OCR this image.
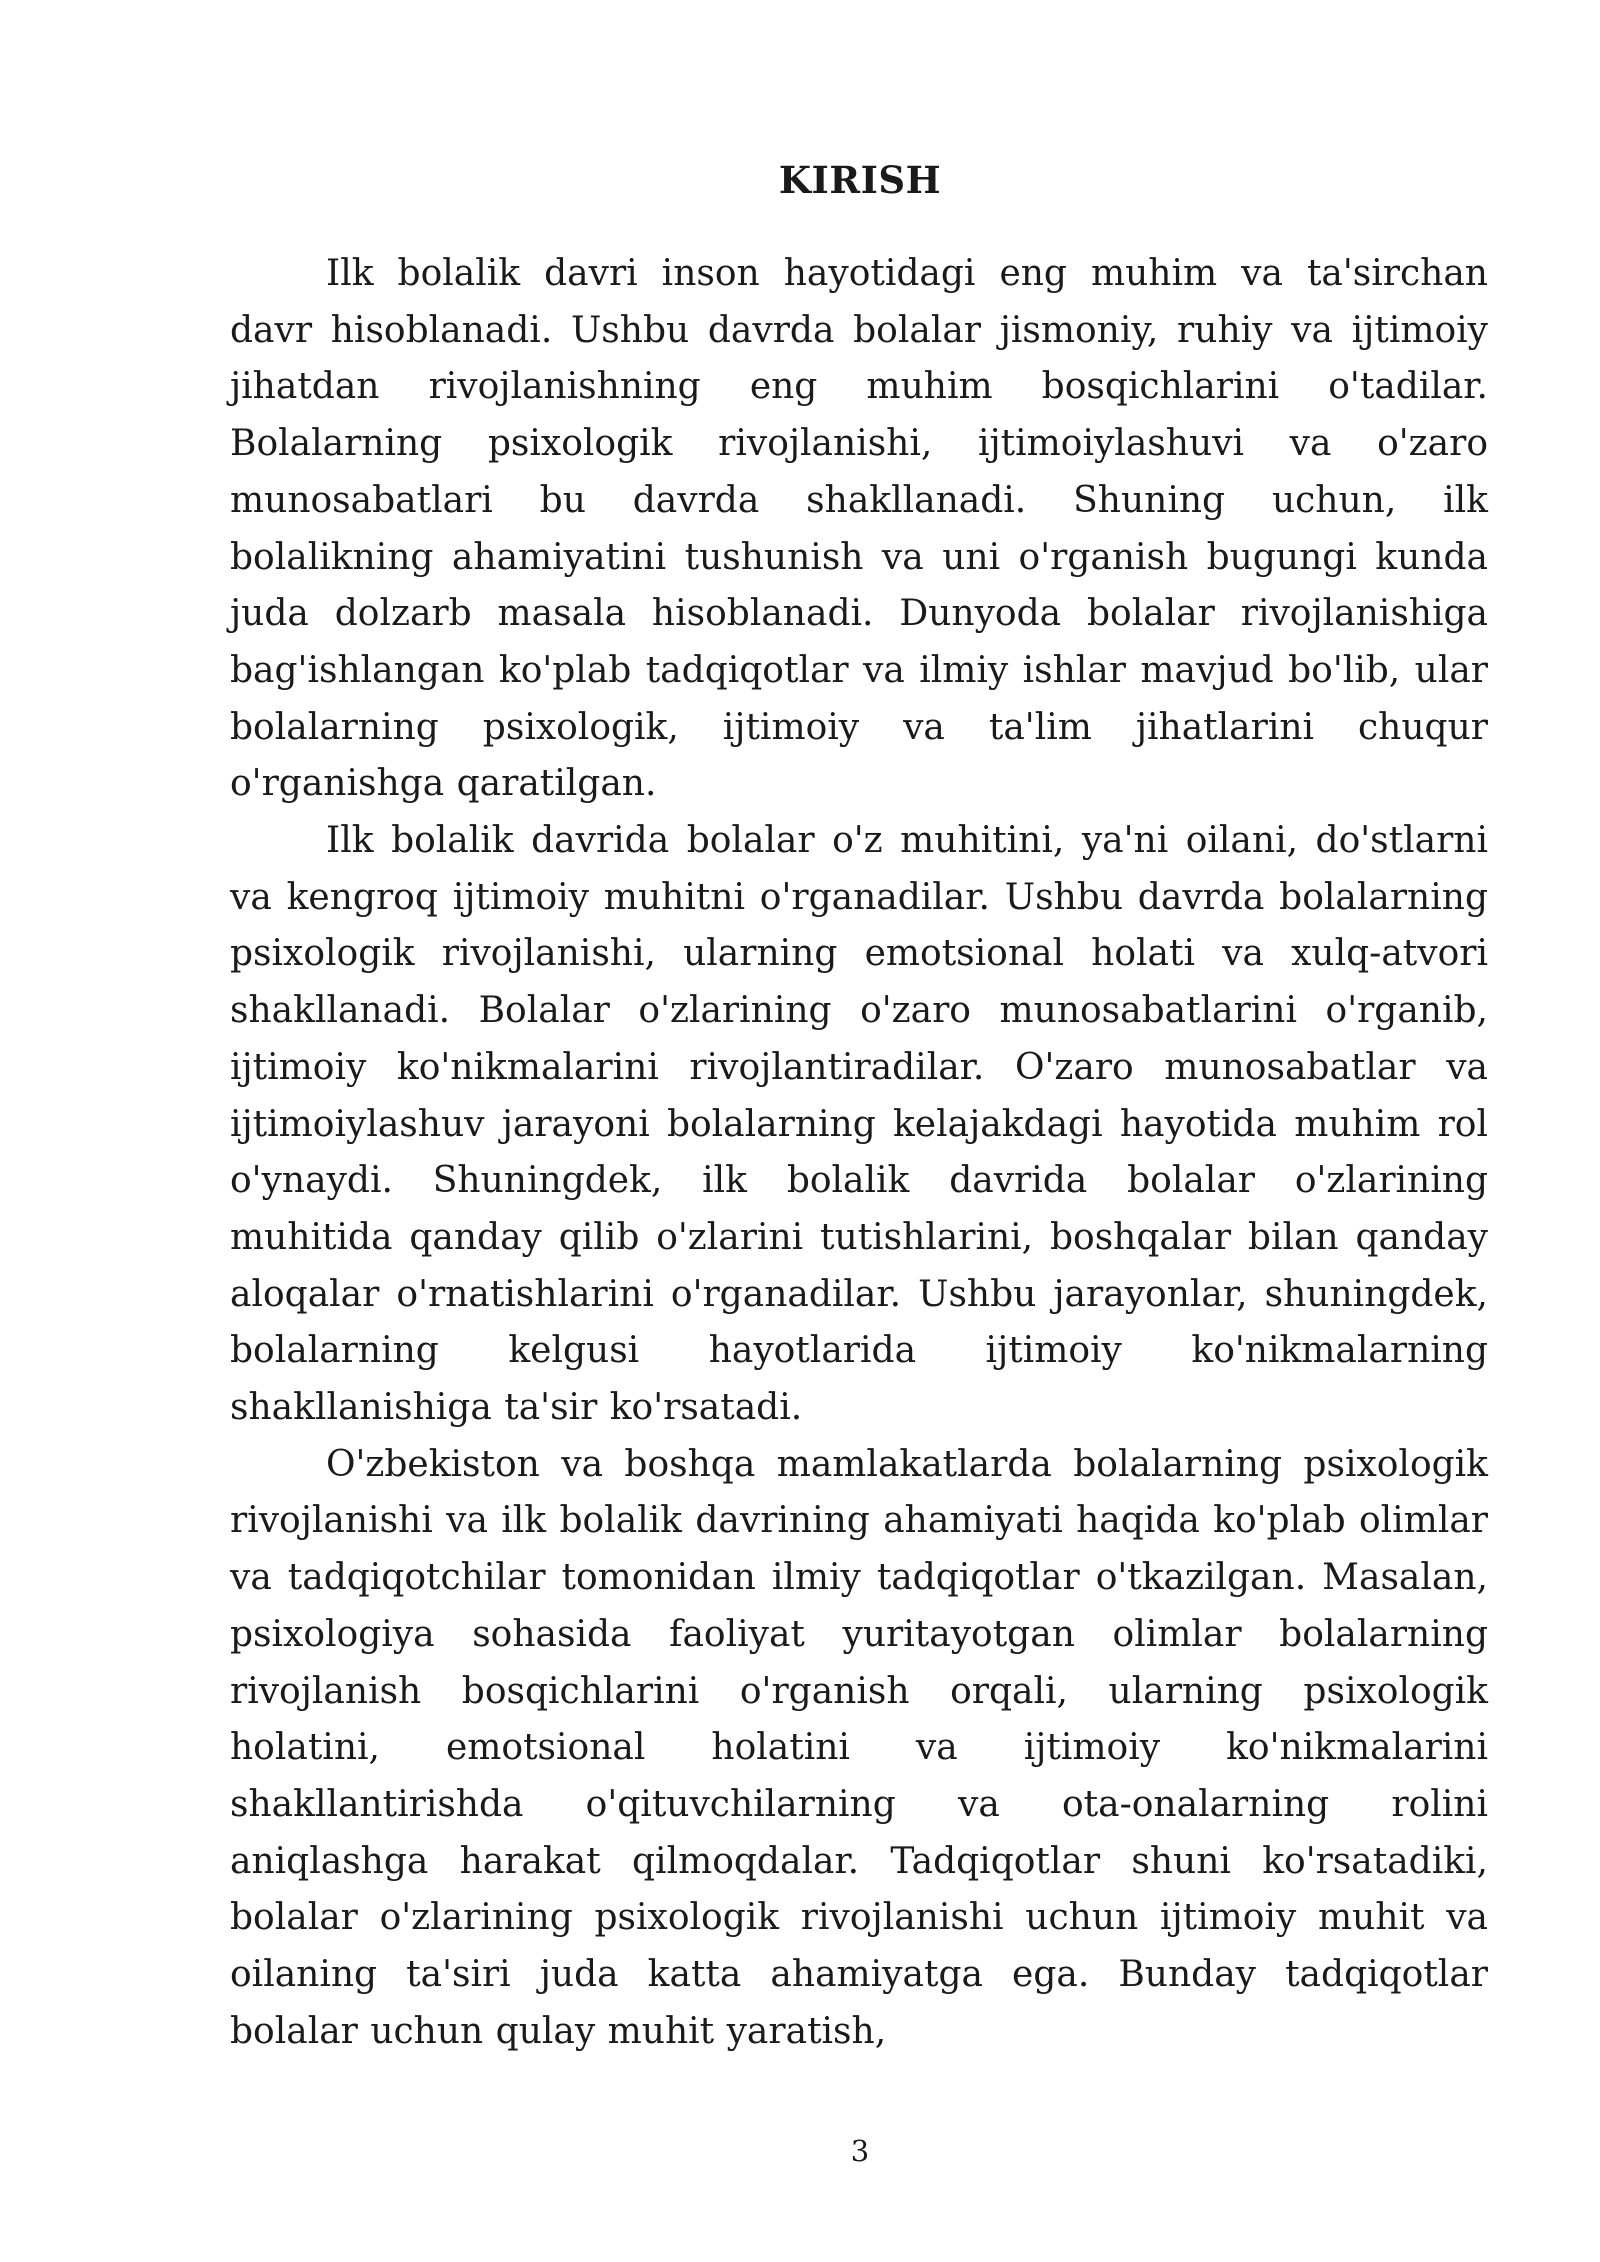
KIRISH

Ilk bolalik davri inson hayotidagi eng muhim va ta'sirchan davr hisoblanadi. Ushbu davrda bolalar jismoniy, ruhiy va ijtimoiy jihatdan rivojlanishning eng muhim bosqichlarini o'tadilar. Bolalarning psixologik rivojlanishi, ijtimoiylashuvi va o'zaro munosabatlari bu davrda shakllanadi. Shuning uchun, ilk bolalikning ahamiyatini tushunish va uni o'rganish bugungi kunda juda dolzarb masala hisoblanadi. Dunyoda bolalar rivojlanishiga bag'ishlangan ko'plab tadqiqotlar va ilmiy ishlar mavjud bo'lib, ular bolalarning psixologik, ijtimoiy va ta'lim jihatlarini chuqur o'rganishga qaratilgan.

Ilk bolalik davrida bolalar o'z muhitini, ya'ni oilani, do'stlarni va kengroq ijtimoiy muhitni o'rganadilar. Ushbu davrda bolalarning psixologik rivojlanishi, ularning emotsional holati va xulq-atvori shakllanadi. Bolalar o'zlarining o'zaro munosabatlarini o'rganib, ijtimoiy ko'nikmalarini rivojlantiradilar. O'zaro munosabatlar va ijtimoiylashuv jarayoni bolalarning kelajakdagi hayotida muhim rol o'ynaydi. Shuningdek, ilk bolalik davrida bolalar o'zlarining muhitida qanday qilib o'zlarini tutishlarini, boshqalar bilan qanday aloqalar o'rnatishlarini o'rganadilar. Ushbu jarayonlar, shuningdek, bolalarning kelgusi hayotlarida ijtimoiy ko'nikmalarning shakllanishiga ta'sir ko'rsatadi.

O'zbekiston va boshqa mamlakatlarda bolalarning psixologik rivojlanishi va ilk bolalik davrining ahamiyati haqida ko'plab olimlar va tadqiqotchilar tomonidan ilmiy tadqiqotlar o'tkazilgan. Masalan, psixologiya sohasida faoliyat yuritayotgan olimlar bolalarning rivojlanish bosqichlarini o'rganish orqali, ularning psixologik holatini, emotsional holatini va ijtimoiy ko'nikmalarini shakllantirishda o'qituvchilarning va ota-onalarning rolini aniqlashga harakat qilmoqdalar. Tadqiqotlar shuni ko'rsatadiki, bolalar o'zlarining psixologik rivojlanishi uchun ijtimoiy muhit va oilaning ta'siri juda katta ahamiyatga ega. Bunday tadqiqotlar bolalar uchun qulay muhit yaratish,

3
